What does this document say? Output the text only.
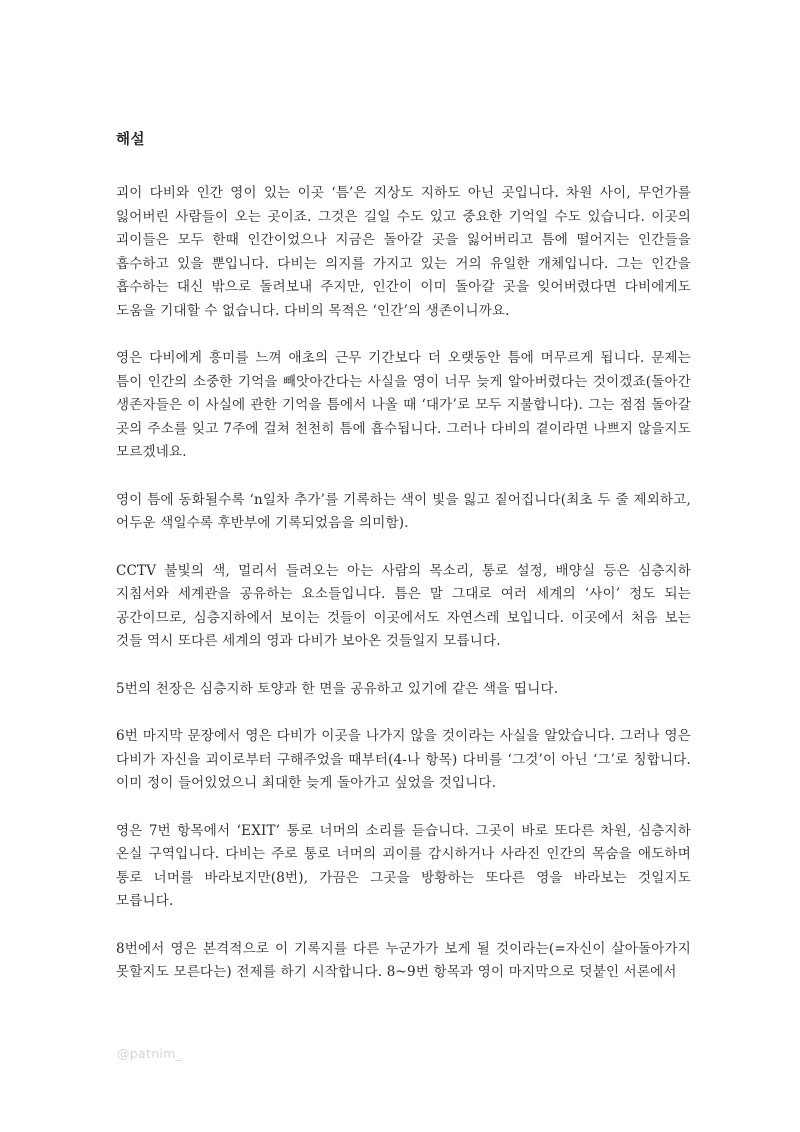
해설

괴이 다비와 인간 영이 있는 이곳 ‘틈’은 지상도 지하도 아닌 곳입니다. 차원 사이, 무언가를 잃어버린 사람들이 오는 곳이죠. 그것은 길일 수도 있고 중요한 기억일 수도 있습니다. 이곳의 괴이들은 모두 한때 인간이었으나 지금은 돌아갈 곳을 잃어버리고 틈에 떨어지는 인간들을 흡수하고 있을 뿐입니다. 다비는 의지를 가지고 있는 거의 유일한 개체입니다. 그는 인간을 흡수하는 대신 밖으로 돌려보내 주지만, 인간이 이미 돌아갈 곳을 잊어버렸다면 다비에게도 도움을 기대할 수 없습니다. 다비의 목적은 ‘인간’의 생존이니까요.

영은 다비에게 흥미를 느껴 애초의 근무 기간보다 더 오랫동안 틈에 머무르게 됩니다. 문제는 틈이 인간의 소중한 기억을 빼앗아간다는 사실을 영이 너무 늦게 알아버렸다는 것이겠죠(돌아간 생존자들은 이 사실에 관한 기억을 틈에서 나올 때 ‘대가’로 모두 지불합니다). 그는 점점 돌아갈 곳의 주소를 잊고 7주에 걸쳐 천천히 틈에 흡수됩니다. 그러나 다비의 곁이라면 나쁘지 않을지도 모르겠네요.

영이 틈에 동화될수록 ‘n일차 추가’를 기록하는 색이 빛을 잃고 짙어집니다(최초 두 줄 제외하고, 어두운 색일수록 후반부에 기록되었음을 의미함).

CCTV 불빛의 색, 멀리서 들려오는 아는 사람의 목소리, 통로 설정, 배양실 등은 심층지하 지침서와 세계관을 공유하는 요소들입니다. 틈은 말 그대로 여러 세계의 ‘사이’ 정도 되는 공간이므로, 심층지하에서 보이는 것들이 이곳에서도 자연스레 보입니다. 이곳에서 처음 보는 것들 역시 또다른 세계의 영과 다비가 보아온 것들일지 모릅니다.

5번의 천장은 심층지하 토양과 한 면을 공유하고 있기에 같은 색을 띱니다.

6번 마지막 문장에서 영은 다비가 이곳을 나가지 않을 것이라는 사실을 알았습니다. 그러나 영은 다비가 자신을 괴이로부터 구해주었을 때부터(4-나 항목) 다비를 ‘그것’이 아닌 ‘그’로 칭합니다. 이미 정이 들어있었으니 최대한 늦게 돌아가고 싶었을 것입니다.

영은 7번 항목에서 ‘EXIT’ 통로 너머의 소리를 듣습니다. 그곳이 바로 또다른 차원, 심층지하 온실 구역입니다. 다비는 주로 통로 너머의 괴이를 감시하거나 사라진 인간의 목숨을 애도하며 통로 너머를 바라보지만(8번), 가끔은 그곳을 방황하는 또다른 영을 바라보는 것일지도 모릅니다.

8번에서 영은 본격적으로 이 기록지를 다른 누군가가 보게 될 것이라는(=자신이 살아돌아가지 못할지도 모른다는) 전제를 하기 시작합니다. 8~9번 항목과 영이 마지막으로 덧붙인 서론에서

@patnim_
